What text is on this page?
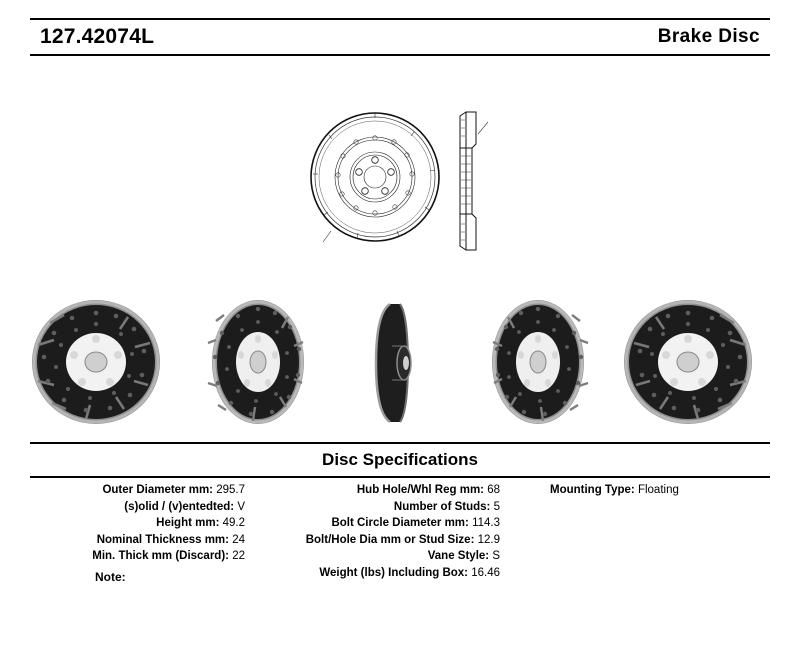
127.42074L	Brake Disc
Disc Specifications
Outer Diameter mm: 295.7
(s)olid / (v)entedted: V
Height mm: 49.2
Nominal Thickness mm: 24
Min. Thick mm (Discard): 22
Hub Hole/Whl Reg mm: 68
Number of Studs: 5
Bolt Circle Diameter mm: 114.3
Bolt/Hole Dia mm or Stud Size: 12.9
Vane Style: S
Weight (lbs) Including Box: 16.46
Mounting Type: Floating
Note:
